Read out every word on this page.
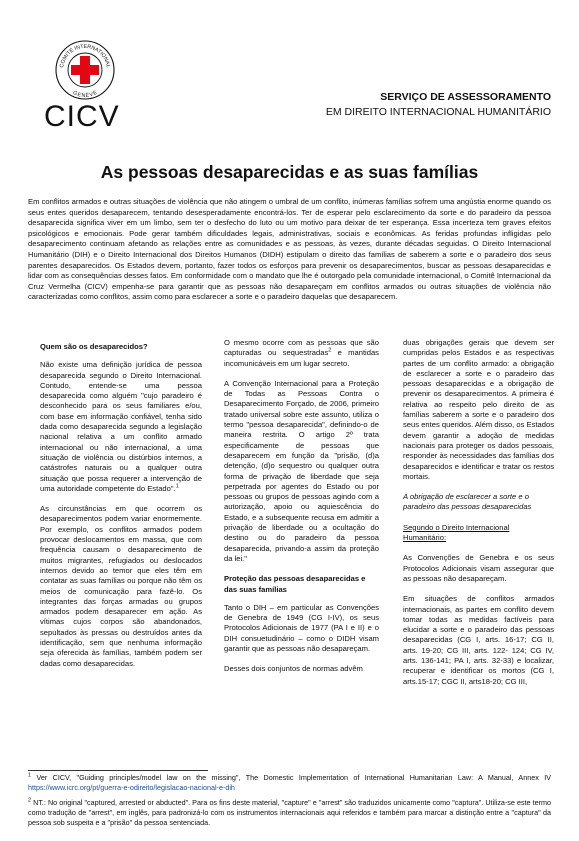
COMITÉ INTERNATIONAL
GENÈVE
CICV
SERVIÇO DE ASSESSORAMENTO
EM DIREITO INTERNACIONAL HUMANITÁRIO
As pessoas desaparecidas e as suas famílias

Em conflitos armados e outras situações de violência que não atingem o umbral de um conflito, inúmeras famílias sofrem uma angústia enorme quando os seus entes queridos desaparecem, tentando desesperadamente encontrá-los. Ter de esperar pelo esclarecimento da sorte e do paradeiro da pessoa desaparecida significa viver em um limbo, sem ter o desfecho do luto ou um motivo para deixar de ter esperança. Essa incerteza tem graves efeitos psicológicos e emocionais. Pode gerar também dificuldades legais, administrativas, sociais e econômicas. As feridas profundas infligidas pelo desaparecimento continuam afetando as relações entre as comunidades e as pessoas, às vezes, durante décadas seguidas. O Direito Internacional Humanitário (DIH) e o Direito Internacional dos Direitos Humanos (DIDH) estipulam o direito das famílias de saberem a sorte e o paradeiro dos seus parentes desaparecidos. Os Estados devem, portanto, fazer todos os esforços para prevenir os desaparecimentos, buscar as pessoas desaparecidas e lidar com as consequências desses fatos. Em conformidade com o mandato que lhe é outorgado pela comunidade internacional, o Comitê Internacional da Cruz Vermelha (CICV) empenha-se para garantir que as pessoas não desapareçam em conflitos armados ou outras situações de violência não caracterizadas como conflitos, assim como para esclarecer a sorte e o paradeiro daquelas que desaparecem.

Quem são os desaparecidos?

Não existe uma definição jurídica de pessoa desaparecida segundo o Direito Internacional. Contudo, entende-se uma pessoa desaparecida como alguém "cujo paradeiro é desconhecido para os seus familiares e/ou, com base em informação confiável, tenha sido dada como desaparecida segundo a legislação nacional relativa a um conflito armado internacional ou não internacional, a uma situação de violência ou distúrbios internos, a catástrofes naturais ou a qualquer outra situação que possa requerer a intervenção de uma autoridade competente do Estado".$^1$

As circunstâncias em que ocorrem os desaparecimentos podem variar enormemente. Por exemplo, os conflitos armados podem provocar deslocamentos em massa, que com frequência causam o desaparecimento de muitos migrantes, refugiados ou deslocados internos devido ao temor que eles têm em contatar as suas famílias ou porque não têm os meios de comunicação para fazê-lo. Os integrantes das forças armadas ou grupos armados podem desaparecer em ação. As vítimas cujos corpos são abandonados, sepultados às pressas ou destruídos antes da identificação, sem que nenhuma informação seja oferecida às famílias, também podem ser dadas como desaparecidas.

O mesmo ocorre com as pessoas que são capturadas ou sequestradas$^2$ e mantidas incomunicáveis em um lugar secreto.

A Convenção Internacional para a Proteção de Todas as Pessoas Contra o Desaparecimento Forçado, de 2006, primeiro tratado universal sobre este assunto, utiliza o termo "pessoa desaparecida", definindo-o de maneira restrita. O artigo 2º trata especificamente de pessoas que desaparecem em função da "prisão, (d)a detenção, (d)o sequestro ou qualquer outra forma de privação de liberdade que seja perpetrada por agentes do Estado ou por pessoas ou grupos de pessoas agindo com a autorização, apoio ou aquiescência do Estado, e a subsequente recusa em admitir a privação de liberdade ou a ocultação do destino ou do paradeiro da pessoa desaparecida, privando-a assim da proteção da lei."

Proteção das pessoas desaparecidas e das suas famílias

Tanto o DIH – em particular as Convenções de Genebra de 1949 (CG I-IV), os seus Protocolos Adicionais de 1977 (PA I e II) e o DIH consuetudinário – como o DIDH visam garantir que as pessoas não desapareçam.

Desses dois conjuntos de normas advêm

duas obrigações gerais que devem ser cumpridas pelos Estados e as respectivas partes de um conflito armado: a obrigação de esclarecer a sorte e o paradeiro das pessoas desaparecidas e a obrigação de prevenir os desaparecimentos. A primeira é relativa ao respeito pelo direito de as famílias saberem a sorte e o paradeiro dos seus entes queridos. Além disso, os Estados devem garantir a adoção de medidas nacionais para proteger os dados pessoais, responder às necessidades das famílias dos desaparecidos e identificar e tratar os restos mortais.

A obrigação de esclarecer a sorte e o paradeiro das pessoas desaparecidas

Segundo o Direito Internacional Humanitário:

As Convenções de Genebra e os seus Protocolos Adicionais visam assegurar que as pessoas não desapareçam.

Em situações de conflitos armados internacionais, as partes em conflito devem tomar todas as medidas factíveis para elucidar a sorte e o paradeiro das pessoas desaparecidas (CG I, arts. 16-17; CG II, arts. 19-20; CG III, arts. 122- 124; CG IV, arts. 136-141; PA I, arts. 32-33) e localizar, recuperar e identificar os mortos (CG I, arts.15-17; CGC II, arts18-20; CG III,

$^1$ Ver CICV, "Guiding principles/model law on the missing", The Domestic Implementation of International Humanitarian Law: A Manual, Annex IV https://www.icrc.org/pt/guerra-e-odireito/legislacao-nacional-e-dih

$^2$ NT.: No original "captured, arrested or abducted". Para os fins deste material, "capture" e "arrest" são traduzidos unicamente como "captura". Utiliza-se este termo como tradução de "arrest", em inglês, para padronizá-lo com os instrumentos internacionais aqui referidos e também para marcar a distinção entre a "captura" da pessoa sob suspeita e a "prisão" da pessoa sentenciada.
